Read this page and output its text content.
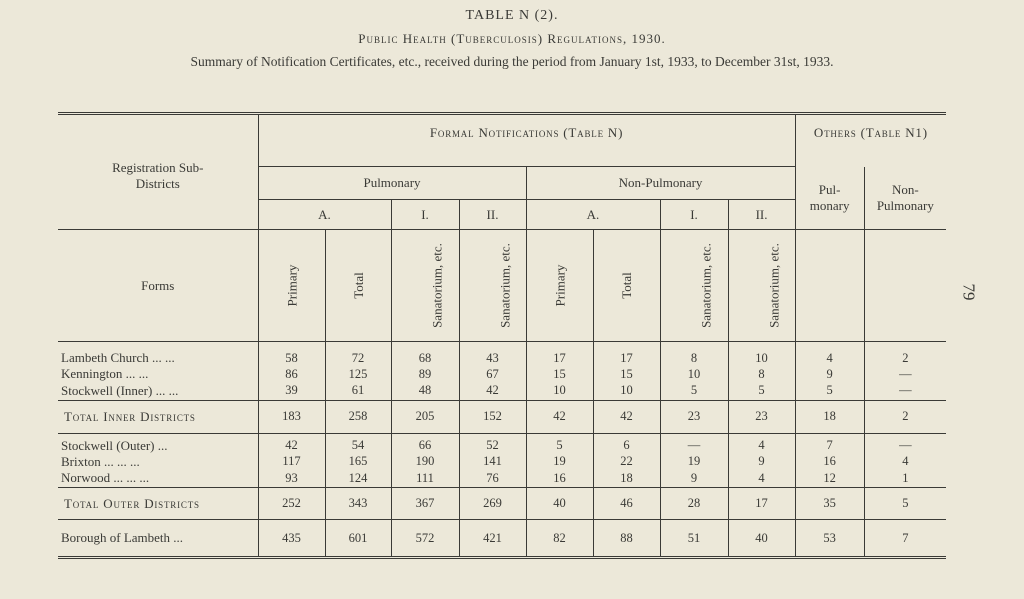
TABLE N (2).
Public Health (Tuberculosis) Regulations, 1930.
Summary of Notification Certificates, etc., received during the period from January 1st, 1933, to December 31st, 1933.
79
Registration Sub-Districts	Formal Notifications (Table N)								Others (Table N1)	
	Pulmonary				Non-Pulmonary				Pul- monary	Non- Pulmonary

	A.		I.	II.	A.		I.	II.		
Forms	Primary	Total	Sanatorium, etc.	Sanatorium, etc.	Primary	Total	Sanatorium, etc.	Sanatorium, etc.		
Lambeth Church ... ...	58	72	68	43	17	17	8	10	4	2
Kennington ... ...	86	125	89	67	15	15	10	8	9	—
Stockwell (Inner) ... ...	39	61	48	42	10	10	5	5	5	—
Total Inner Districts	183	258	205	152	42	42	23	23	18	2
Stockwell (Outer) ...	42	54	66	52	5	6	—	4	7	—
Brixton ... ... ...	117	165	190	141	19	22	19	9	16	4
Norwood ... ... ...	93	124	111	76	16	18	9	4	12	1
Total Outer Districts	252	343	367	269	40	46	28	17	35	5
Borough of Lambeth ...	435	601	572	421	82	88	51	40	53	7
